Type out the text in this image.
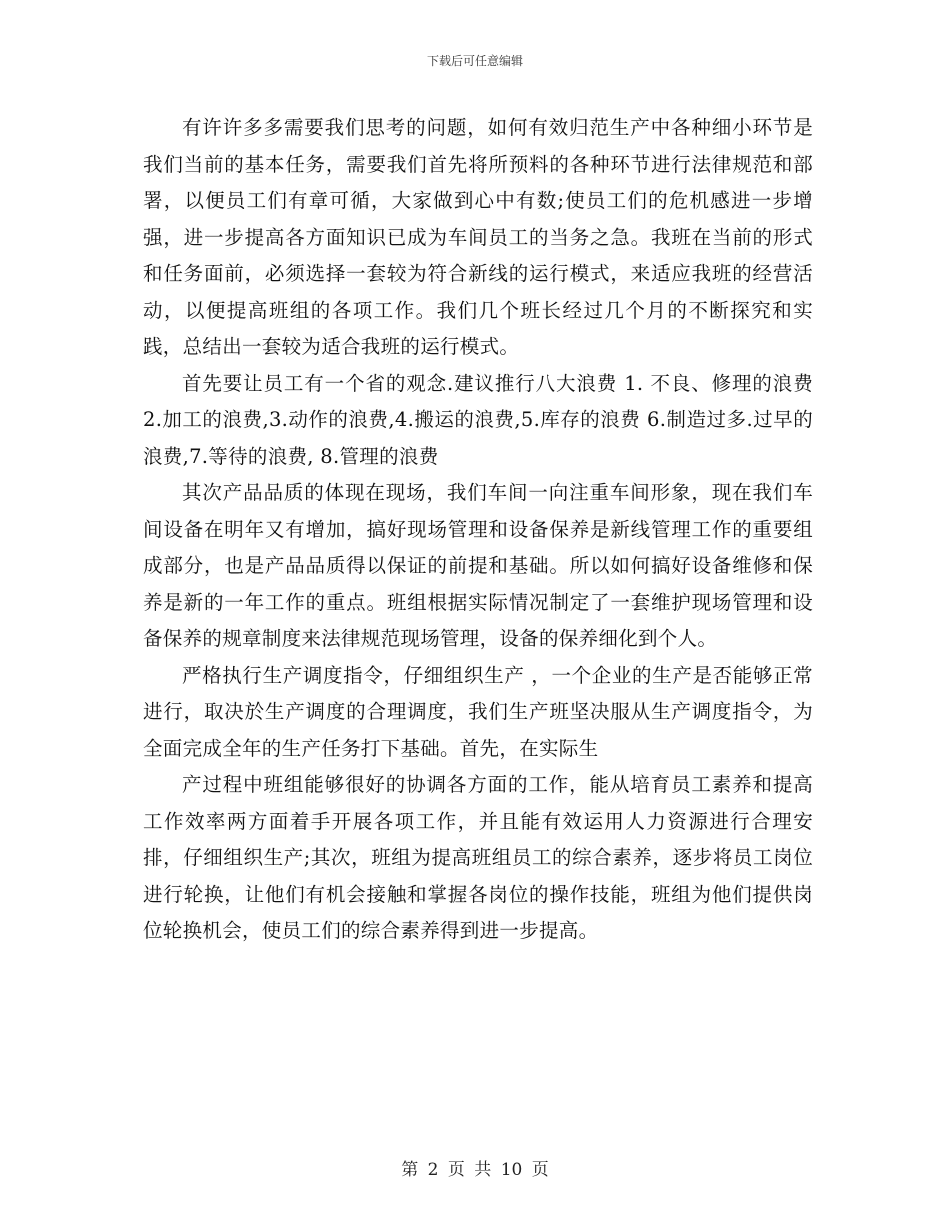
下载后可任意编辑

有许许多多需要我们思考的问题，如何有效归范生产中各种细小环节是我们当前的基本任务，需要我们首先将所预料的各种环节进行法律规范和部署，以便员工们有章可循，大家做到心中有数;使员工们的危机感进一步增强，进一步提高各方面知识已成为车间员工的当务之急。我班在当前的形式和任务面前，必须选择一套较为符合新线的运行模式，来适应我班的经营活动，以便提高班组的各项工作。我们几个班长经过几个月的不断探究和实践，总结出一套较为适合我班的运行模式。

首先要让员工有一个省的观念.建议推行八大浪费 1. 不良、修理的浪费 2.加工的浪费,3.动作的浪费,4.搬运的浪费,5.库存的浪费 6.制造过多.过早的浪费,7.等待的浪费, 8.管理的浪费

其次产品品质的体现在现场，我们车间一向注重车间形象，现在我们车间设备在明年又有增加，搞好现场管理和设备保养是新线管理工作的重要组成部分，也是产品品质得以保证的前提和基础。所以如何搞好设备维修和保养是新的一年工作的重点。班组根据实际情况制定了一套维护现场管理和设备保养的规章制度来法律规范现场管理，设备的保养细化到个人。

严格执行生产调度指令，仔细组织生产 ，一个企业的生产是否能够正常进行，取决於生产调度的合理调度，我们生产班坚决服从生产调度指令，为全面完成全年的生产任务打下基础。首先，在实际生

产过程中班组能够很好的协调各方面的工作，能从培育员工素养和提高工作效率两方面着手开展各项工作，并且能有效运用人力资源进行合理安排，仔细组织生产;其次，班组为提高班组员工的综合素养，逐步将员工岗位进行轮换，让他们有机会接触和掌握各岗位的操作技能，班组为他们提供岗位轮换机会，使员工们的综合素养得到进一步提高。

第 2 页 共 10 页
